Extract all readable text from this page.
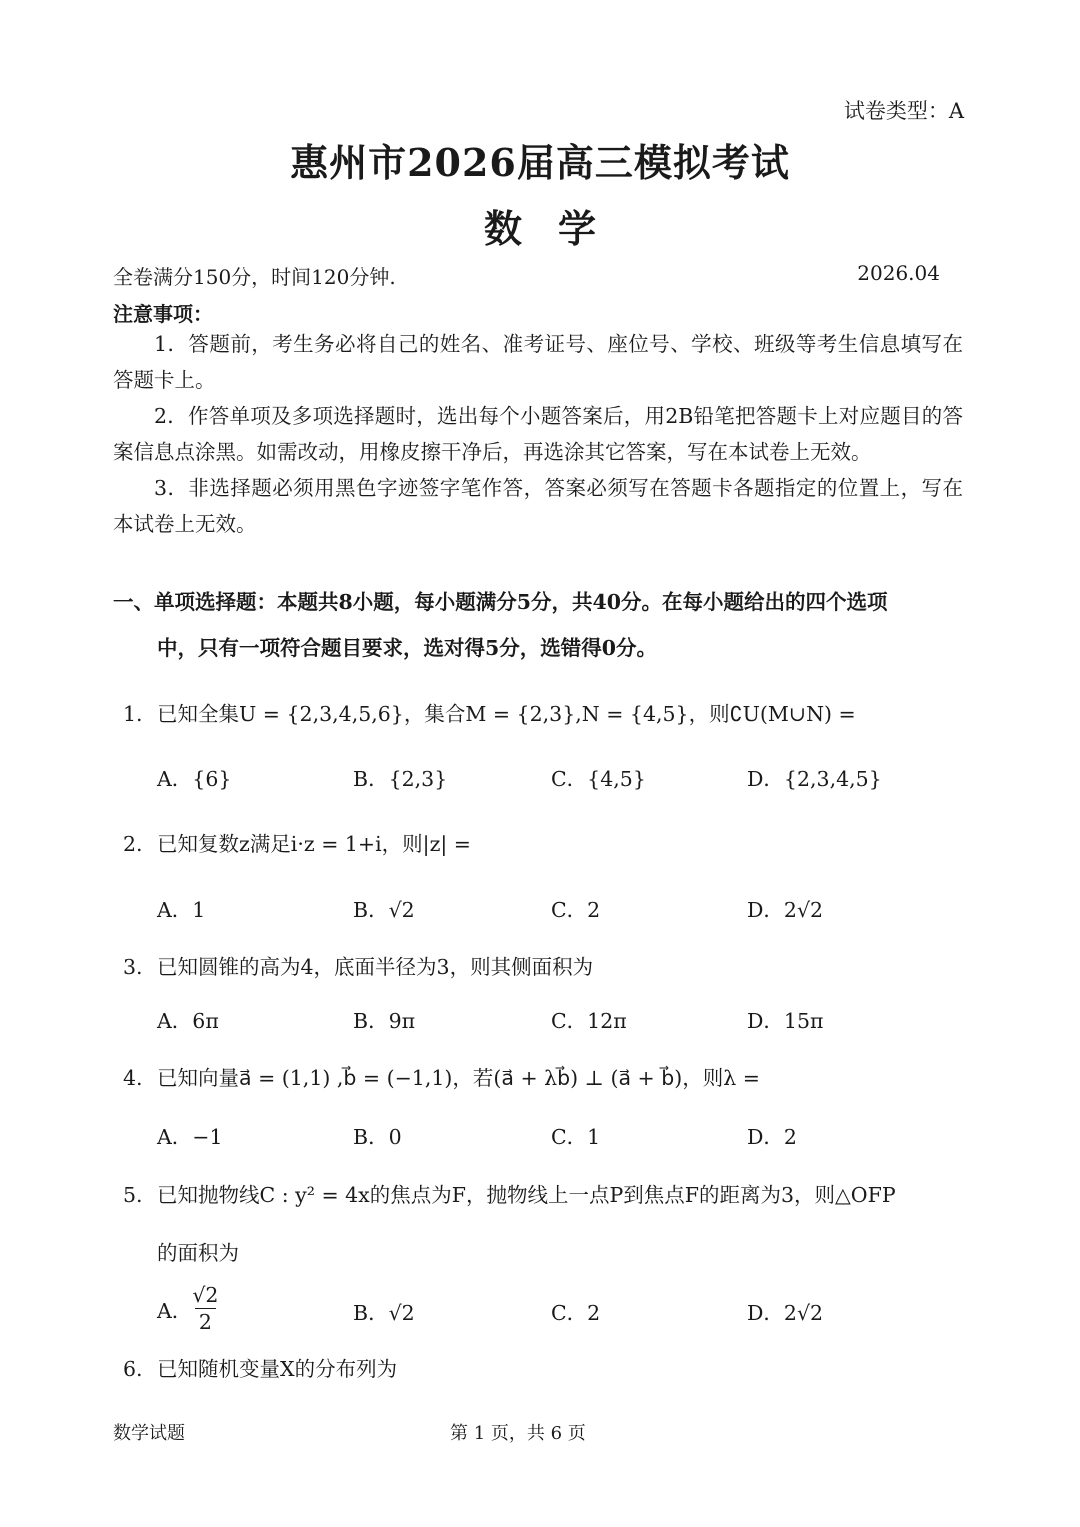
试卷类型：A
惠州市2026届高三模拟考试
数学
全卷满分150分，时间120分钟.	2026.04
注意事项：
1．答题前，考生务必将自己的姓名、准考证号、座位号、学校、班级等考生信息填写在答题卡上。
2．作答单项及多项选择题时，选出每个小题答案后，用2B铅笔把答题卡上对应题目的答案信息点涂黑。如需改动，用橡皮擦干净后，再选涂其它答案，写在本试卷上无效。
3．非选择题必须用黑色字迹签字笔作答，答案必须写在答题卡各题指定的位置上，写在本试卷上无效。
一、单项选择题：本题共8小题，每小题满分5分，共40分。在每小题给出的四个选项
中，只有一项符合题目要求，选对得5分，选错得0分。
1. 已知全集U = {2,3,4,5,6}，集合M = {2,3},N = {4,5}，则∁U(M∪N) =
A．{6}	B．{2,3}	C．{4,5}	D．{2,3,4,5}
2. 已知复数z满足i·z = 1+i，则|z| =
A．1	B．√2	C．2	D．2√2
3. 已知圆锥的高为4，底面半径为3，则其侧面积为
A．6π	B．9π	C．12π	D．15π
4. 已知向量a⃗ = (1,1) ,b⃗ = (−1,1)，若(a⃗ + λb⃗) ⊥ (a⃗ + b⃗)，则λ =
A．−1	B．0	C．1	D．2
5. 已知抛物线C : y² = 4x的焦点为F，抛物线上一点P到焦点F的距离为3，则△OFP
的面积为
A． $\frac{√2}{2}$	B．√2	C．2	D．2√2
6. 已知随机变量X的分布列为
数学试题	第 1 页，共 6 页
